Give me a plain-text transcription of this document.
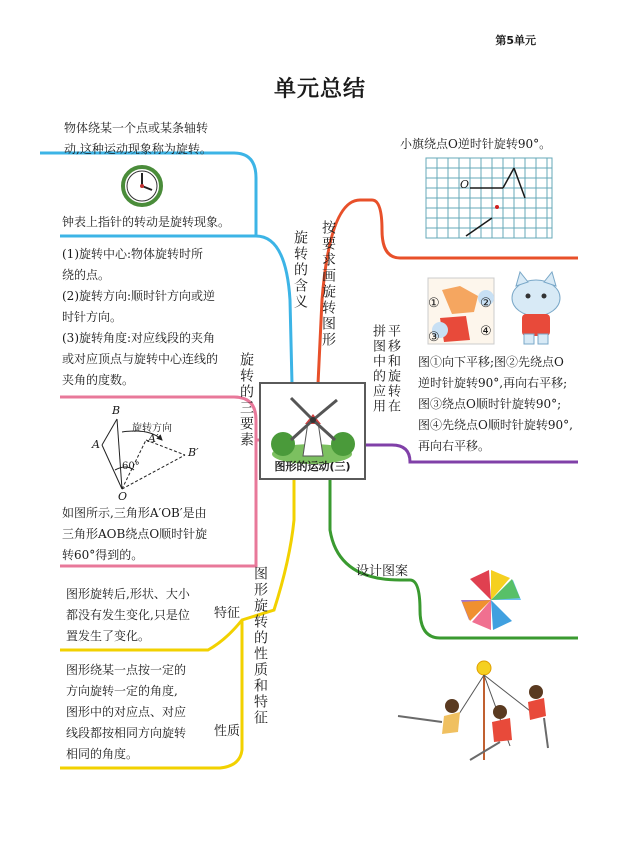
第5单元
单元总结
物体绕某一个点或某条轴转
动,这种运动现象称为旋转。
钟表上指针的转动是旋转现象。
旋转的含义
(1)旋转中心:物体旋转时所
绕的点。
(2)旋转方向:顺时针方向或逆
时针方向。
(3)旋转角度:对应线段的夹角
或对应顶点与旋转中心连线的
夹角的度数。	旋转的三要素
B
A	A′
B′
O
旋转方向
60°
如图所示,三角形A′OB′是由
三角形AOB绕点O顺时针旋
转60°得到的。
图形旋转的性质和特征
特征
图形旋转后,形状、大小
都没有发生变化,只是位
置发生了变化。
性质
图形绕某一点按一定的
方向旋转一定的角度,
图形中的对应点、对应
线段都按相同方向旋转
相同的角度。
图形的运动(三)
按要求画旋转图形
小旗绕点O逆时针旋转90°。
O
平移和旋转在拼图中的应用
①	②
③	④
图①向下平移;图②先绕点O
逆时针旋转90°,再向右平移;
图③绕点O顺时针旋转90°;
图④先绕点O顺时针旋转90°,
再向右平移。
设计图案
